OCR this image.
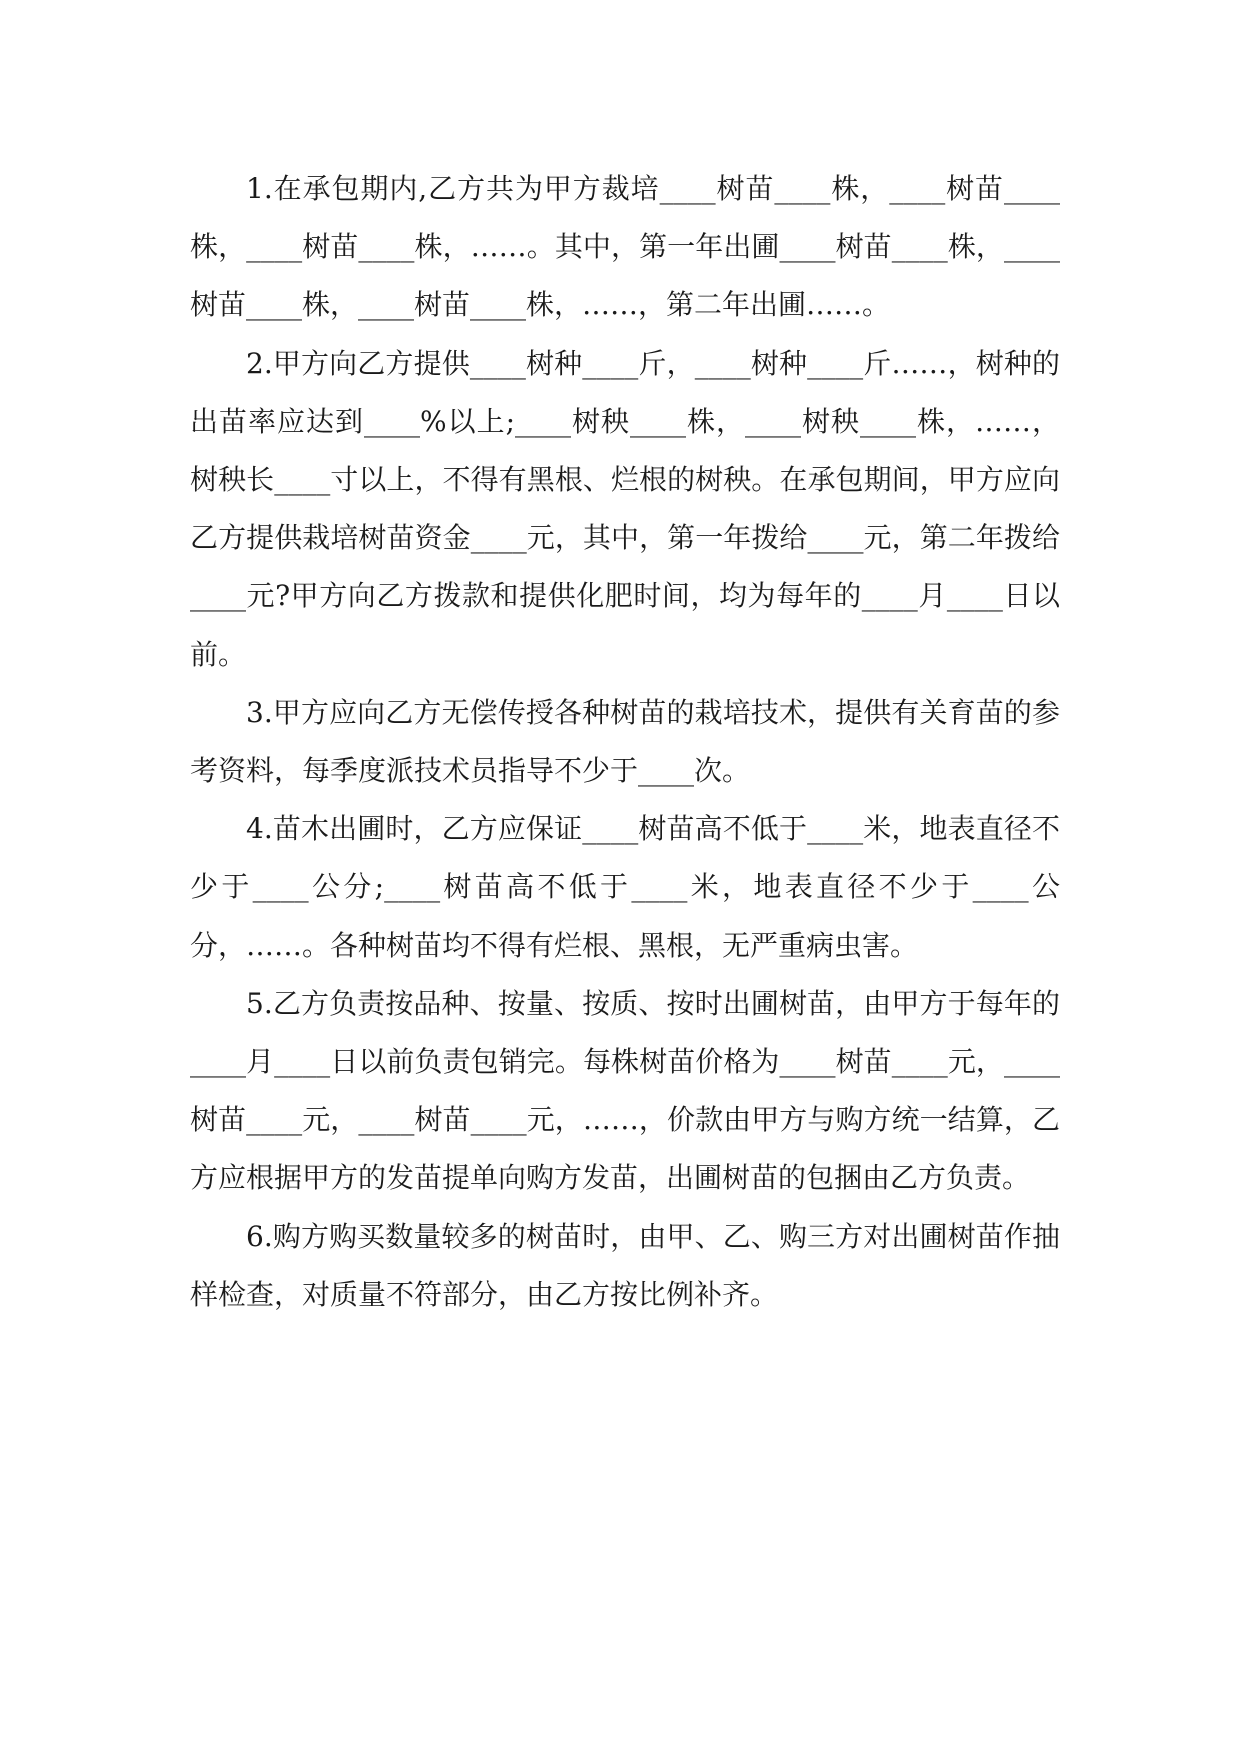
1.在承包期内,乙方共为甲方裁培____树苗____株，____树苗____株，____树苗____株，……。其中，第一年出圃____树苗____株，____树苗____株，____树苗____株，……，第二年出圃……。

2.甲方向乙方提供____树种____斤，____树种____斤……，树种的出苗率应达到____%以上;____树秧____株，____树秧____株，……，树秧长____寸以上，不得有黑根、烂根的树秧。在承包期间，甲方应向乙方提供栽培树苗资金____元，其中，第一年拨给____元，第二年拨给____元?甲方向乙方拨款和提供化肥时间，均为每年的____月____日以前。

3.甲方应向乙方无偿传授各种树苗的栽培技术，提供有关育苗的参考资料，每季度派技术员指导不少于____次。

4.苗木出圃时，乙方应保证____树苗高不低于____米，地表直径不少于____公分;____树苗高不低于____米，地表直径不少于____公分，……。各种树苗均不得有烂根、黑根，无严重病虫害。

5.乙方负责按品种、按量、按质、按时出圃树苗，由甲方于每年的____月____日以前负责包销完。每株树苗价格为____树苗____元，____树苗____元，____树苗____元，……，价款由甲方与购方统一结算，乙方应根据甲方的发苗提单向购方发苗，出圃树苗的包捆由乙方负责。

6.购方购买数量较多的树苗时，由甲、乙、购三方对出圃树苗作抽样检查，对质量不符部分，由乙方按比例补齐。
